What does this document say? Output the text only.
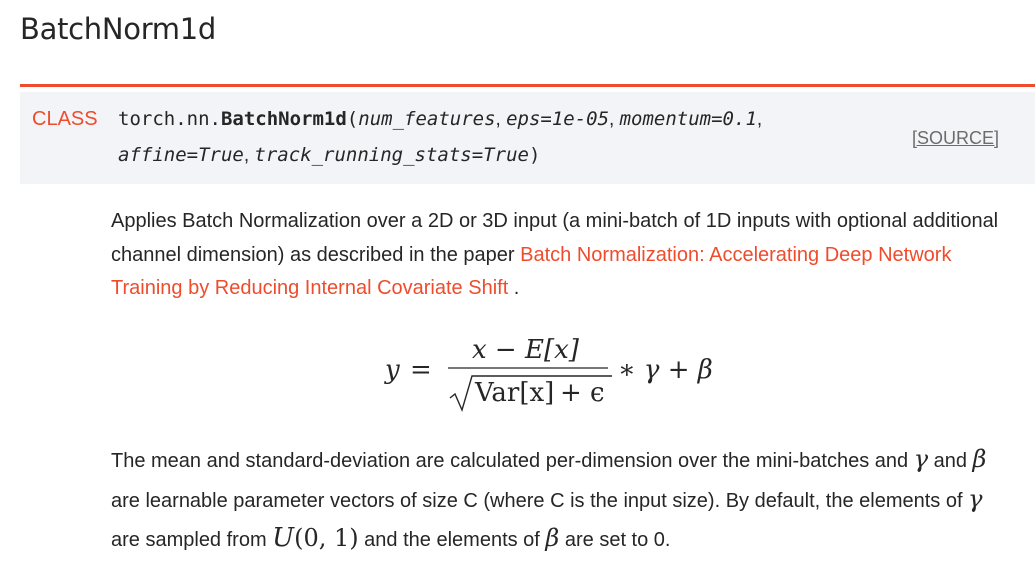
BatchNorm1d
CLASS torch.nn.BatchNorm1d(num_features, eps=1e-05, momentum=0.1,
affine=True, track_running_stats=True)
[SOURCE]

Applies Batch Normalization over a 2D or 3D input (a mini-batch of 1D inputs with optional additional channel dimension) as described in the paper Batch Normalization: Accelerating Deep Network Training by Reducing Internal Covariate Shift .

y =
x − E[x]
Var[x] + ϵ
∗ γ + β

The mean and standard-deviation are calculated per-dimension over the mini-batches and γ and β are learnable parameter vectors of size C (where C is the input size). By default, the elements of γ are sampled from U(0, 1) and the elements of β are set to 0.
